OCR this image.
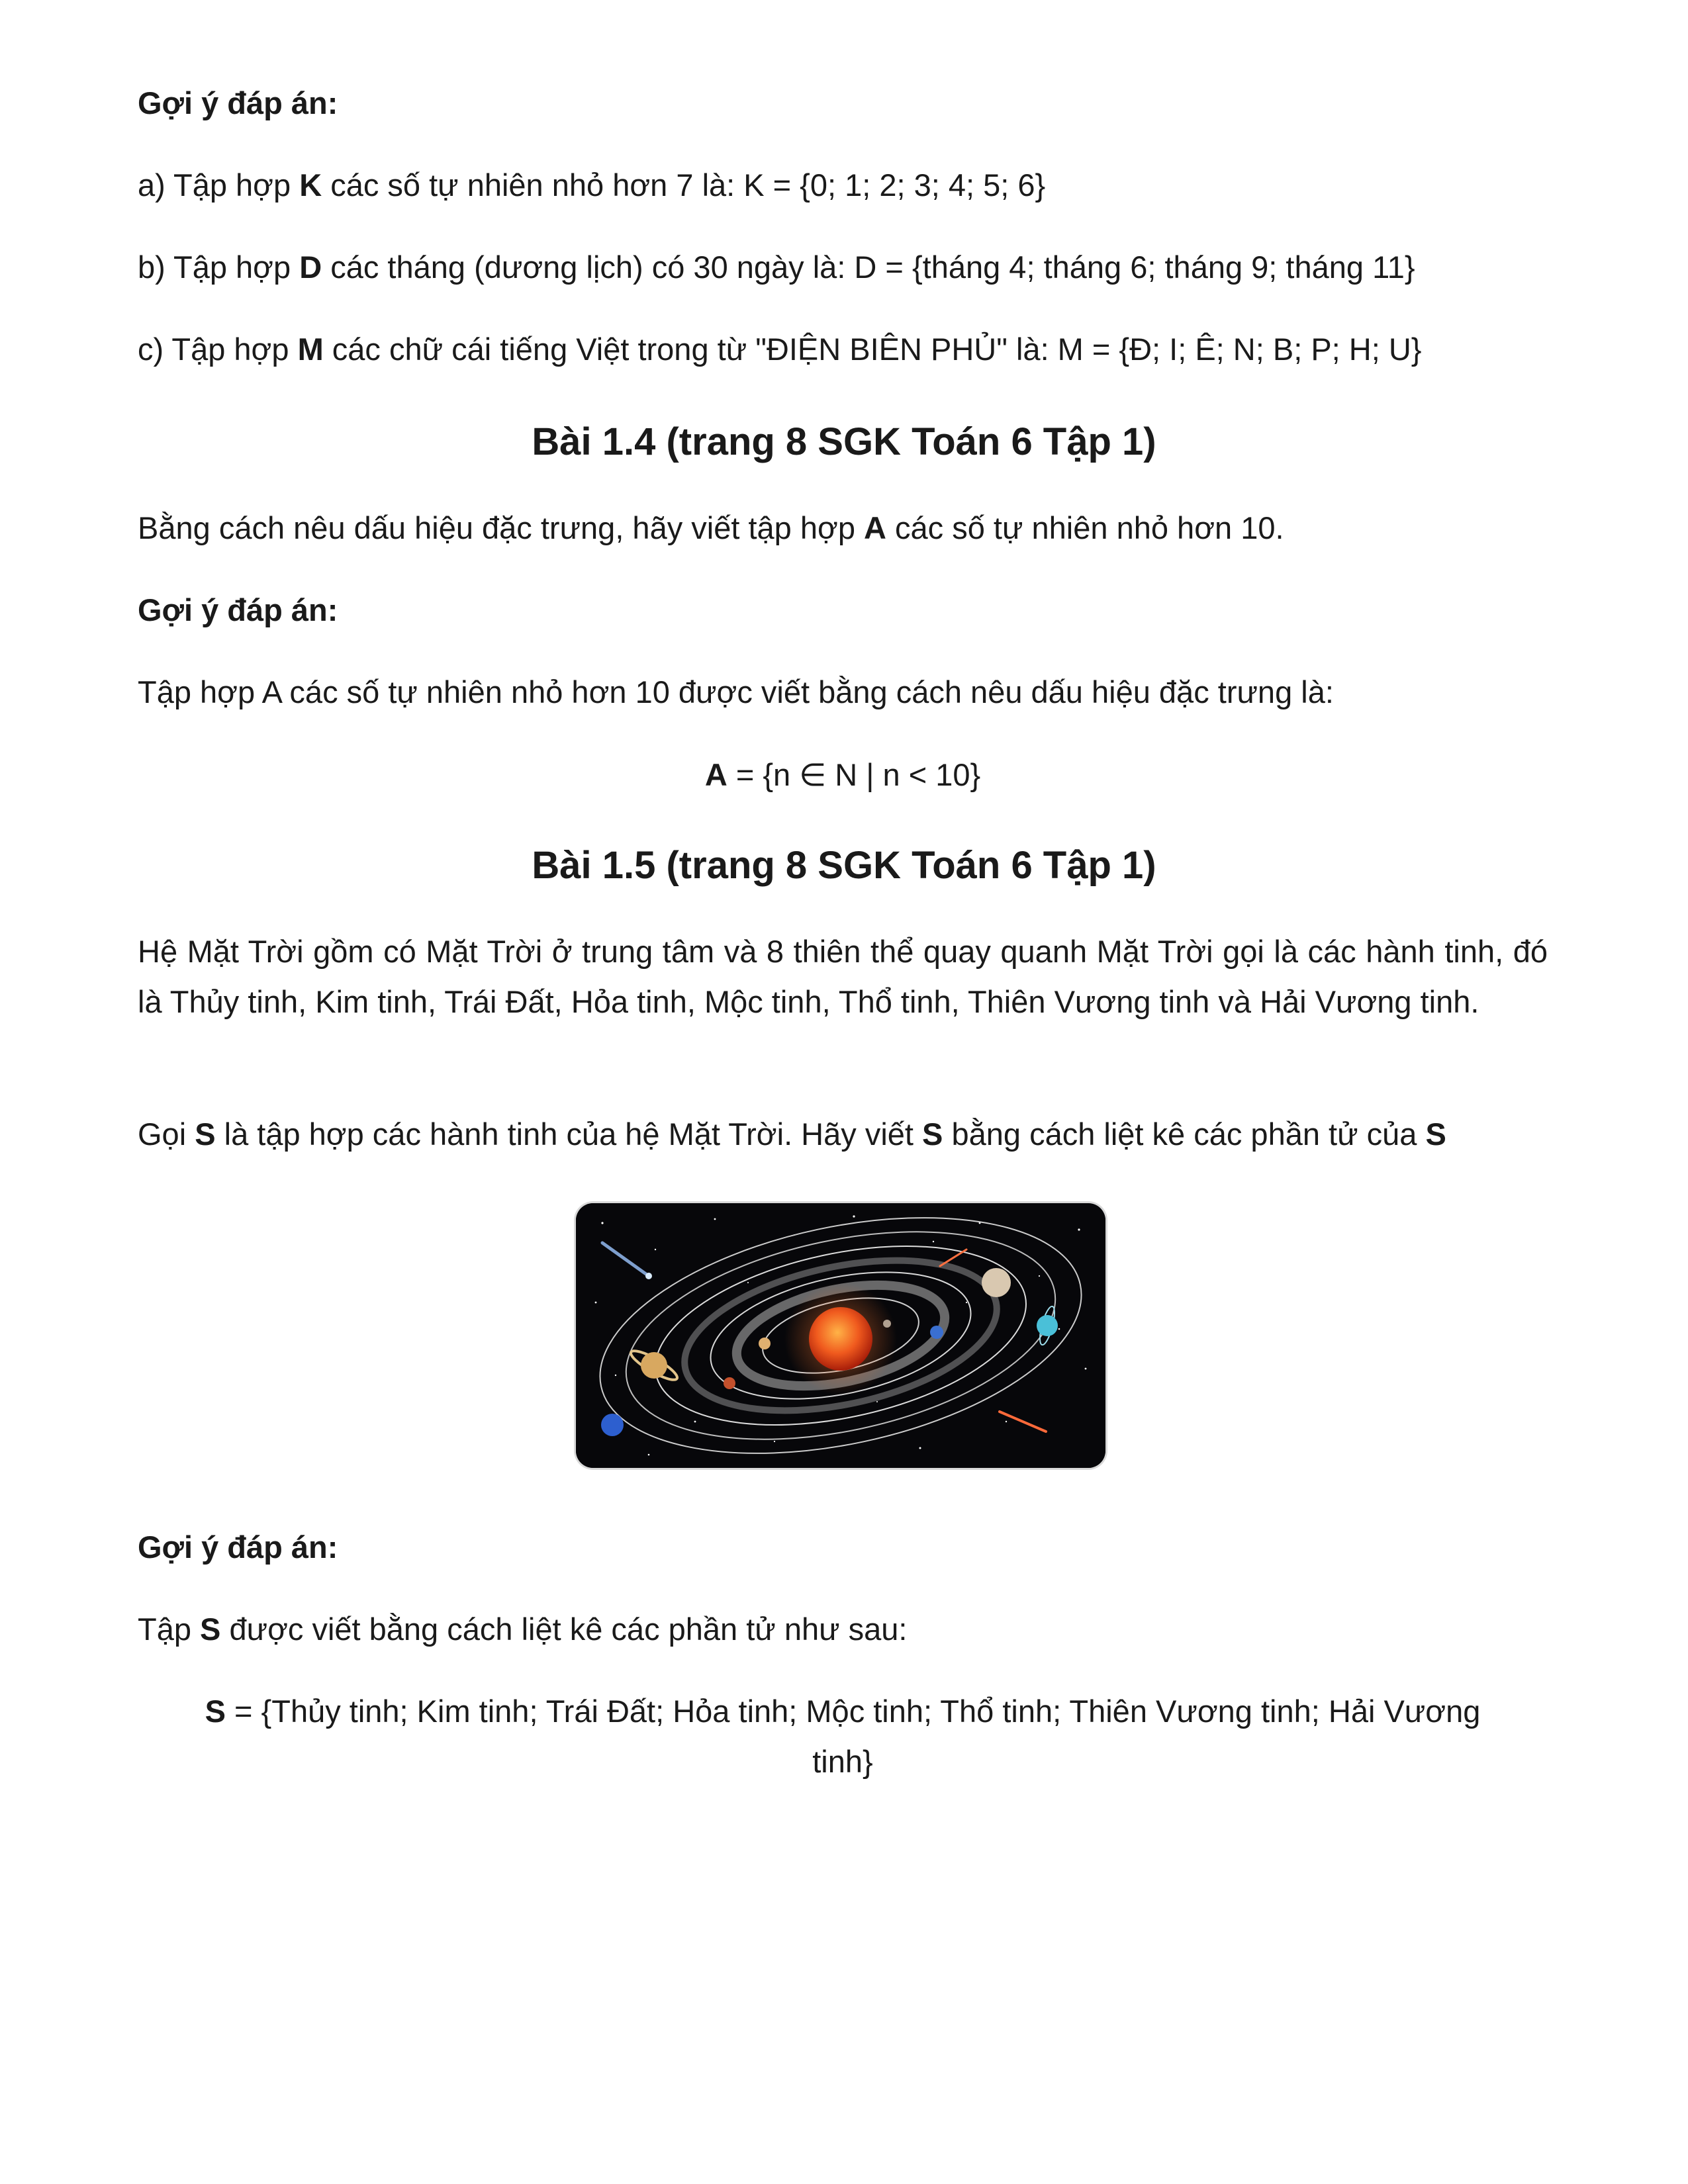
Gợi ý đáp án:
a) Tập hợp K các số tự nhiên nhỏ hơn 7 là: K = {0; 1; 2; 3; 4; 5; 6}
b) Tập hợp D các tháng (dương lịch) có 30 ngày là: D = {tháng 4; tháng 6; tháng 9; tháng 11}
c) Tập hợp M các chữ cái tiếng Việt trong từ "ĐIỆN BIÊN PHỦ" là: M = {Đ; I; Ê; N; B; P; H; U}
Bài 1.4 (trang 8 SGK Toán 6 Tập 1)
Bằng cách nêu dấu hiệu đặc trưng, hãy viết tập hợp A các số tự nhiên nhỏ hơn 10.
Gợi ý đáp án:
Tập hợp A các số tự nhiên nhỏ hơn 10 được viết bằng cách nêu dấu hiệu đặc trưng là:
A = {n ∈ N | n < 10}
Bài 1.5 (trang 8 SGK Toán 6 Tập 1)
Hệ Mặt Trời gồm có Mặt Trời ở trung tâm và 8 thiên thể quay quanh Mặt Trời gọi là các hành tinh, đó là Thủy tinh, Kim tinh, Trái Đất, Hỏa tinh, Mộc tinh, Thổ tinh, Thiên Vương tinh và Hải Vương tinh.
Gọi S là tập hợp các hành tinh của hệ Mặt Trời. Hãy viết S bằng cách liệt kê các phần tử của S
Gợi ý đáp án:
Tập S được viết bằng cách liệt kê các phần tử như sau:
S = {Thủy tinh; Kim tinh; Trái Đất; Hỏa tinh; Mộc tinh; Thổ tinh; Thiên Vương tinh; Hải Vương
tinh}
